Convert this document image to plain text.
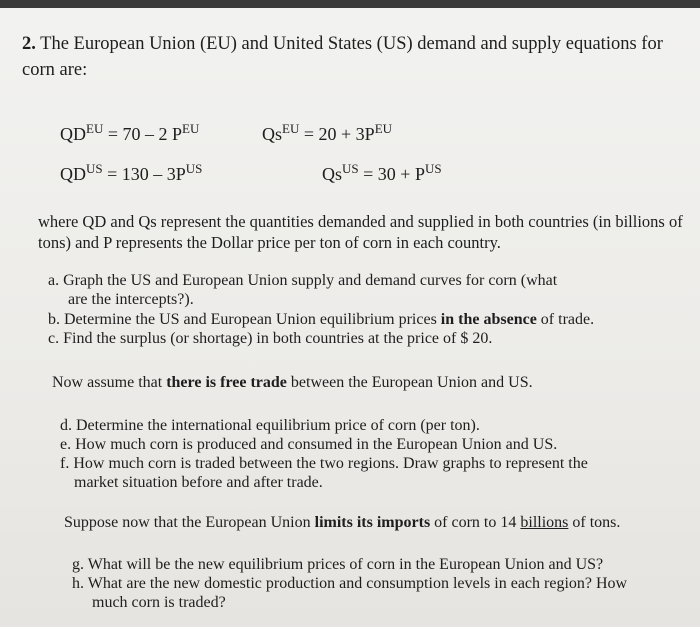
2. The European Union (EU) and United States (US) demand and supply equations for
corn are:
$QD^{EU} = 70 - 2$ $P^{EU}$	$Qs^{EU} = 20 + 3P^{EU}$
$QD^{US} = 130 - 3P^{US}$	$Qs^{US} = 30 + P^{US}$
where QD and Qs represent the quantities demanded and supplied in both countries (in billions of tons) and P represents the Dollar price per ton of corn in each country.
a. Graph the US and European Union supply and demand curves for corn (what
are the intercepts?).
b. Determine the US and European Union equilibrium prices in the absence of trade.
c. Find the surplus (or shortage) in both countries at the price of $ 20.
Now assume that there is free trade between the European Union and US.
d. Determine the international equilibrium price of corn (per ton).
e. How much corn is produced and consumed in the European Union and US.
f. How much corn is traded between the two regions. Draw graphs to represent the
market situation before and after trade.
Suppose now that the European Union limits its imports of corn to 14 billions of tons.
g. What will be the new equilibrium prices of corn in the European Union and US?
h. What are the new domestic production and consumption levels in each region? How
much corn is traded?
